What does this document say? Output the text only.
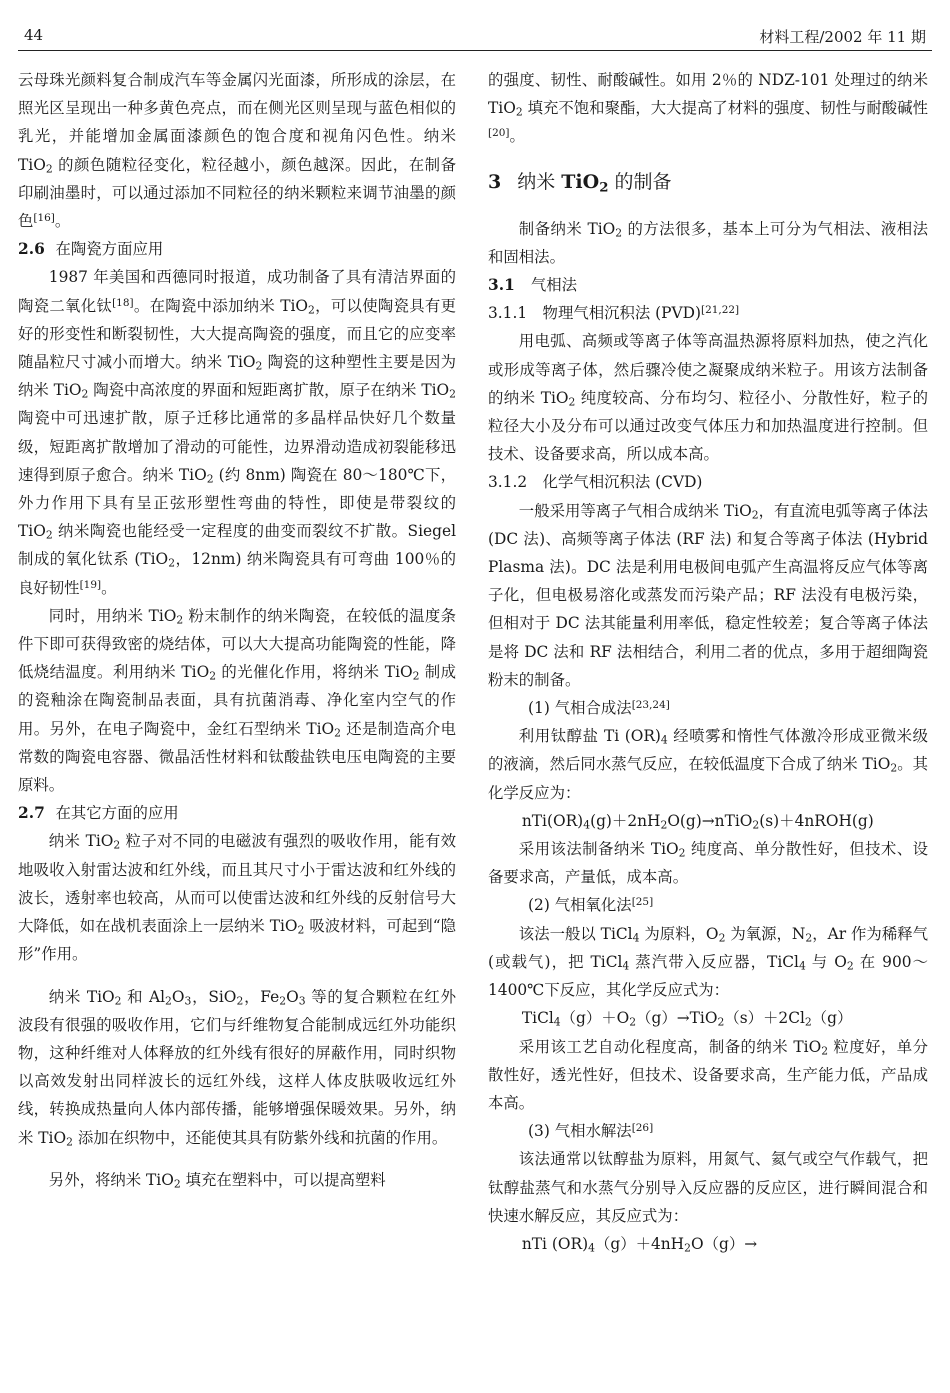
44	材料工程/2002 年 11 期

云母珠光颜料复合制成汽车等金属闪光面漆，所形成的涂层，在照光区呈现出一种多黄色亮点，而在侧光区则呈现与蓝色相似的乳光，并能增加金属面漆颜色的饱合度和视角闪色性。纳米 TiO$_2$ 的颜色随粒径变化，粒径越小，颜色越深。因此，在制备印刷油墨时，可以通过添加不同粒径的纳米颗粒来调节油墨的颜色[16]。

2.6 在陶瓷方面应用

1987 年美国和西德同时报道，成功制备了具有清洁界面的陶瓷二氧化钛[18]。在陶瓷中添加纳米 TiO$_2$，可以使陶瓷具有更好的形变性和断裂韧性，大大提高陶瓷的强度，而且它的应变率随晶粒尺寸减小而增大。纳米 TiO$_2$ 陶瓷的这种塑性主要是因为纳米 TiO$_2$ 陶瓷中高浓度的界面和短距离扩散，原子在纳米 TiO$_2$ 陶瓷中可迅速扩散，原子迁移比通常的多晶样品快好几个数量级，短距离扩散增加了滑动的可能性，边界滑动造成初裂能移迅速得到原子愈合。纳米 TiO$_2$ (约 8nm) 陶瓷在 80～180℃下，外力作用下具有呈正弦形塑性弯曲的特性，即使是带裂纹的 TiO$_2$ 纳米陶瓷也能经受一定程度的曲变而裂纹不扩散。Siegel 制成的氧化钛系 (TiO$_2$，12nm) 纳米陶瓷具有可弯曲 100％的良好韧性[19]。

同时，用纳米 TiO$_2$ 粉末制作的纳米陶瓷，在较低的温度条件下即可获得致密的烧结体，可以大大提高功能陶瓷的性能，降低烧结温度。利用纳米 TiO$_2$ 的光催化作用，将纳米 TiO$_2$ 制成的瓷釉涂在陶瓷制品表面，具有抗菌消毒、净化室内空气的作用。另外，在电子陶瓷中，金红石型纳米 TiO$_2$ 还是制造高介电常数的陶瓷电容器、微晶活性材料和钛酸盐铁电压电陶瓷的主要原料。

2.7 在其它方面的应用

纳米 TiO$_2$ 粒子对不同的电磁波有强烈的吸收作用，能有效地吸收入射雷达波和红外线，而且其尺寸小于雷达波和红外线的波长，透射率也较高，从而可以使雷达波和红外线的反射信号大大降低，如在战机表面涂上一层纳米 TiO$_2$ 吸波材料，可起到“隐形”作用。

纳米 TiO$_2$ 和 $Al_2O_3$，SiO$_2$，$Fe_2O_3$ 等的复合颗粒在红外波段有很强的吸收作用，它们与纤维物复合能制成远红外功能织物，这种纤维对人体释放的红外线有很好的屏蔽作用，同时织物以高效发射出同样波长的远红外线，这样人体皮肤吸收远红外线，转换成热量向人体内部传播，能够增强保暖效果。另外，纳米 TiO$_2$ 添加在织物中，还能使其具有防紫外线和抗菌的作用。

另外，将纳米 TiO$_2$ 填充在塑料中，可以提高塑料

的强度、韧性、耐酸碱性。如用 2％的 NDZ-101 处理过的纳米 TiO$_2$ 填充不饱和聚酯，大大提高了材料的强度、韧性与耐酸碱性[20]。

3 纳米 TiO$_2$ 的制备

制备纳米 TiO$_2$ 的方法很多，基本上可分为气相法、液相法和固相法。

3.1 气相法

3.1.1　物理气相沉积法 (PVD)[21,22]

用电弧、高频或等离子体等高温热源将原料加热，使之汽化或形成等离子体，然后骤冷使之凝聚成纳米粒子。用该方法制备的纳米 TiO$_2$ 纯度较高、分布均匀、粒径小、分散性好，粒子的粒径大小及分布可以通过改变气体压力和加热温度进行控制。但技术、设备要求高，所以成本高。

3.1.2　化学气相沉积法 (CVD)

一般采用等离子气相合成纳米 TiO$_2$，有直流电弧等离子体法 (DC 法)、高频等离子体法 (RF 法) 和复合等离子体法 (Hybrid Plasma 法)。DC 法是利用电极间电弧产生高温将反应气体等离子化，但电极易溶化或蒸发而污染产品；RF 法没有电极污染，但相对于 DC 法其能量利用率低，稳定性较差；复合等离子体法是将 DC 法和 RF 法相结合，利用二者的优点，多用于超细陶瓷粉末的制备。

(1) 气相合成法[23,24]

利用钛醇盐 Ti $(OR)_4$ 经喷雾和惰性气体激冷形成亚微米级的液滴，然后同水蒸气反应，在较低温度下合成了纳米 TiO$_2$。其化学反应为：

$nTi(OR)_4(g)+2nH_2O(g)\to nTiO_2(s)+4nROH(g)$

采用该法制备纳米 TiO$_2$ 纯度高、单分散性好，但技术、设备要求高，产量低，成本高。

(2) 气相氧化法[25]

该法一般以 TiCl$_4$ 为原料，$O_2$ 为氧源，$N_2$，Ar 作为稀释气 (或载气)，把 TiCl$_4$ 蒸汽带入反应器，TiCl$_4$ 与 $O_2$ 在 900～1400℃下反应，其化学反应式为：

$TiCl_4(g)+O_2(g)\to TiO_2(s)+2Cl_2(g)$

采用该工艺自动化程度高，制备的纳米 TiO$_2$ 粒度好，单分散性好，透光性好，但技术、设备要求高，生产能力低，产品成本高。

(3) 气相水解法[26]

该法通常以钛醇盐为原料，用氮气、氦气或空气作载气，把钛醇盐蒸气和水蒸气分别导入反应器的反应区，进行瞬间混合和快速水解反应，其反应式为：

nTi $(OR)_4(g)+4nH_2O(g)\to$
